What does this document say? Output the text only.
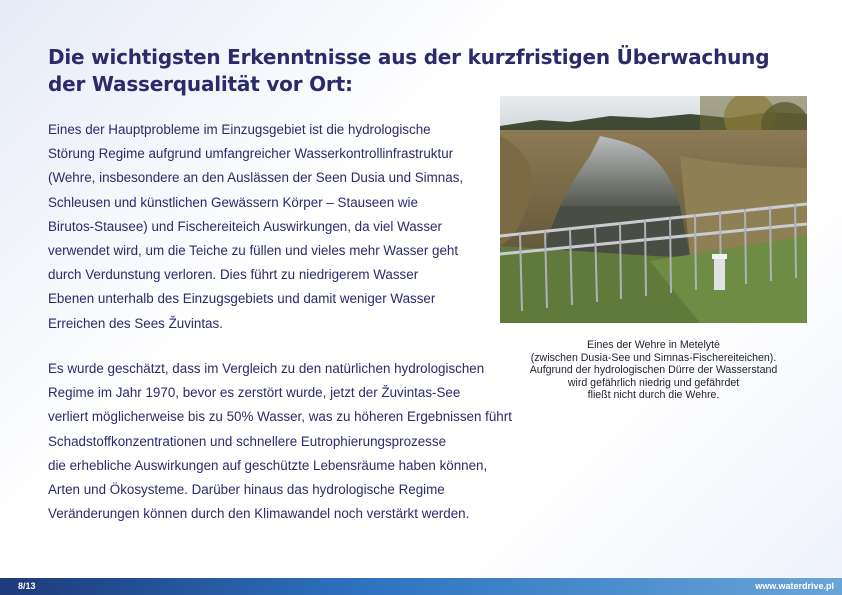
Die wichtigsten Erkenntnisse aus der kurzfristigen Überwachung
der Wasserqualität vor Ort:
Eines der Hauptprobleme im Einzugsgebiet ist die hydrologische
Störung Regime aufgrund umfangreicher Wasserkontrollinfrastruktur
(Wehre, insbesondere an den Auslässen der Seen Dusia und Simnas,
Schleusen und künstlichen Gewässern Körper – Stauseen wie
Birutos-Stausee) und Fischereiteich Auswirkungen, da viel Wasser
verwendet wird, um die Teiche zu füllen und vieles mehr Wasser geht
durch Verdunstung verloren. Dies führt zu niedrigerem Wasser
Ebenen unterhalb des Einzugsgebiets und damit weniger Wasser
Erreichen des Sees Žuvintas.
Es wurde geschätzt, dass im Vergleich zu den natürlichen hydrologischen
Regime im Jahr 1970, bevor es zerstört wurde, jetzt der Žuvintas-See
verliert möglicherweise bis zu 50% Wasser, was zu höheren Ergebnissen führt
Schadstoffkonzentrationen und schnellere Eutrophierungsprozesse
die erhebliche Auswirkungen auf geschützte Lebensräume haben können,
Arten und Ökosysteme. Darüber hinaus das hydrologische Regime
Veränderungen können durch den Klimawandel noch verstärkt werden.
Eines der Wehre in Metelytė
(zwischen Dusia-See und Simnas-Fischereiteichen).
Aufgrund der hydrologischen Dürre der Wasserstand
wird gefährlich niedrig und gefährdet
fließt nicht durch die Wehre.
8/13	www.waterdrive.pl
